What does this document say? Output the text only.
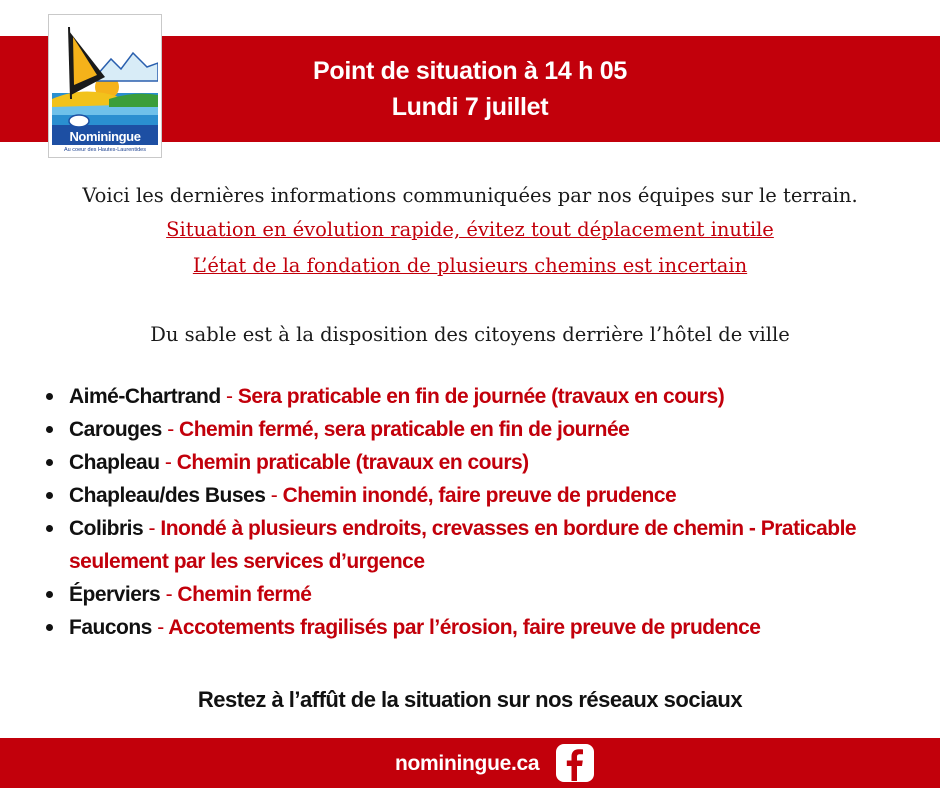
Nominingue
Au coeur des Hautes-Laurentides
Point de situation à 14 h 05
Lundi 7 juillet
Voici les dernières informations communiquées par nos équipes sur le terrain.
Situation en évolution rapide, évitez tout déplacement inutile
L’état de la fondation de plusieurs chemins est incertain
Du sable est à la disposition des citoyens derrière l’hôtel de ville
Aimé-Chartrand - Sera praticable en fin de journée (travaux en cours)
Carouges - Chemin fermé, sera praticable en fin de journée
Chapleau - Chemin praticable (travaux en cours)
Chapleau/des Buses - Chemin inondé, faire preuve de prudence
Colibris - Inondé à plusieurs endroits, crevasses en bordure de chemin - Praticable seulement par les services d’urgence
Éperviers - Chemin fermé
Faucons - Accotements fragilisés par l’érosion, faire preuve de prudence
Restez à l’affût de la situation sur nos réseaux sociaux
nominingue.ca
